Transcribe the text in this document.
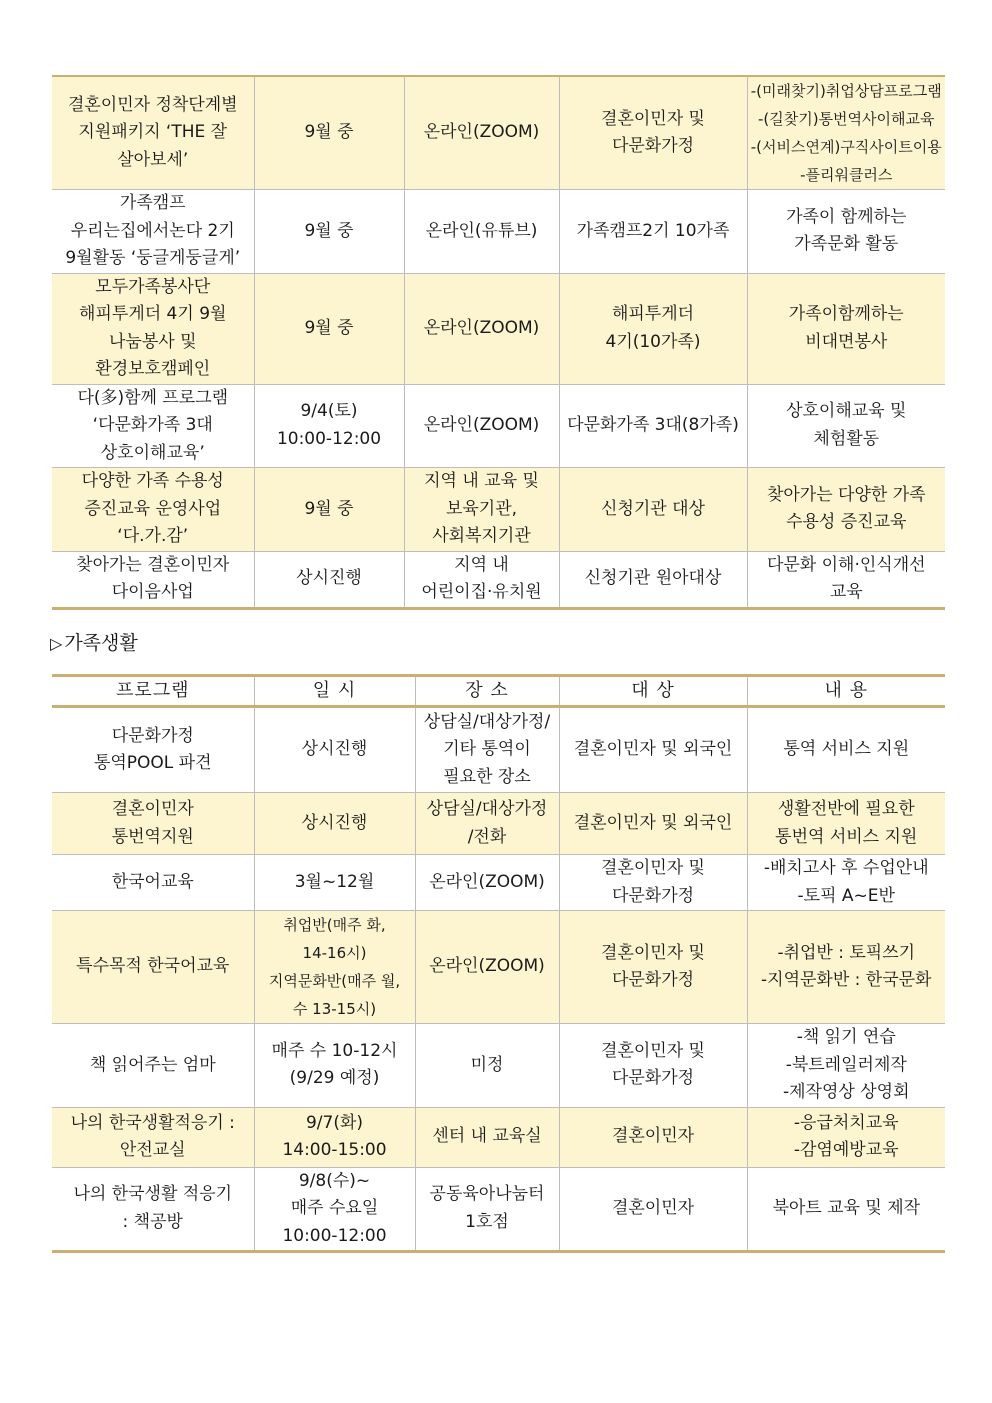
결혼이민자 정착단계별
지원패키지 ‘THE 잘
살아보세’	9월 중	온라인(ZOOM)	결혼이민자 및
다문화가정	-(미래찾기)취업상담프로그램
-(길찾기)통번역사이해교육
-(서비스연계)구직사이트이용
-플리워클러스

가족캠프
우리는집에서논다 2기
9월활동 ‘둥글게둥글게’	9월 중	온라인(유튜브)	가족캠프2기 10가족	가족이 함께하는
가족문화 활동

모두가족봉사단
해피투게더 4기 9월
나눔봉사 및
환경보호캠페인	9월 중	온라인(ZOOM)	해피투게더
4기(10가족)	가족이함께하는
비대면봉사

다(多)함께 프로그램
‘다문화가족 3대
상호이해교육’	9/4(토)
10:00-12:00	온라인(ZOOM)	다문화가족 3대(8가족)	상호이해교육 및
체험활동

다양한 가족 수용성
증진교육 운영사업
‘다.가.감’	9월 중	지역 내 교육 및
보육기관,
사회복지기관	신청기관 대상	찾아가는 다양한 가족
수용성 증진교육

찾아가는 결혼이민자
다이음사업	상시진행	지역 내
어린이집·유치원	신청기관 원아대상	다문화 이해·인식개선
교육
▷ 가족생활
프로그램	일 시	장 소	대 상	내 용

다문화가정
통역POOL 파견	상시진행	상담실/대상가정/
기타 통역이
필요한 장소	결혼이민자 및 외국인	통역 서비스 지원

결혼이민자
통번역지원	상시진행	상담실/대상가정
/전화	결혼이민자 및 외국인	생활전반에 필요한
통번역 서비스 지원

한국어교육	3월~12월	온라인(ZOOM)	결혼이민자 및
다문화가정	-배치고사 후 수업안내
-토픽 A~E반

특수목적 한국어교육	취업반(매주 화,
14-16시)
지역문화반(매주 월,
수 13-15시)	온라인(ZOOM)	결혼이민자 및
다문화가정	-취업반 : 토픽쓰기
-지역문화반 : 한국문화

책 읽어주는 엄마	매주 수 10-12시
(9/29 예정)	미정	결혼이민자 및
다문화가정	-책 읽기 연습
-북트레일러제작
-제작영상 상영회

나의 한국생활적응기 :
안전교실	9/7(화)
14:00-15:00	센터 내 교육실	결혼이민자	-응급처치교육
-감염예방교육

나의 한국생활 적응기
: 책공방	9/8(수)~
매주 수요일
10:00-12:00	공동육아나눔터
1호점	결혼이민자	북아트 교육 및 제작
